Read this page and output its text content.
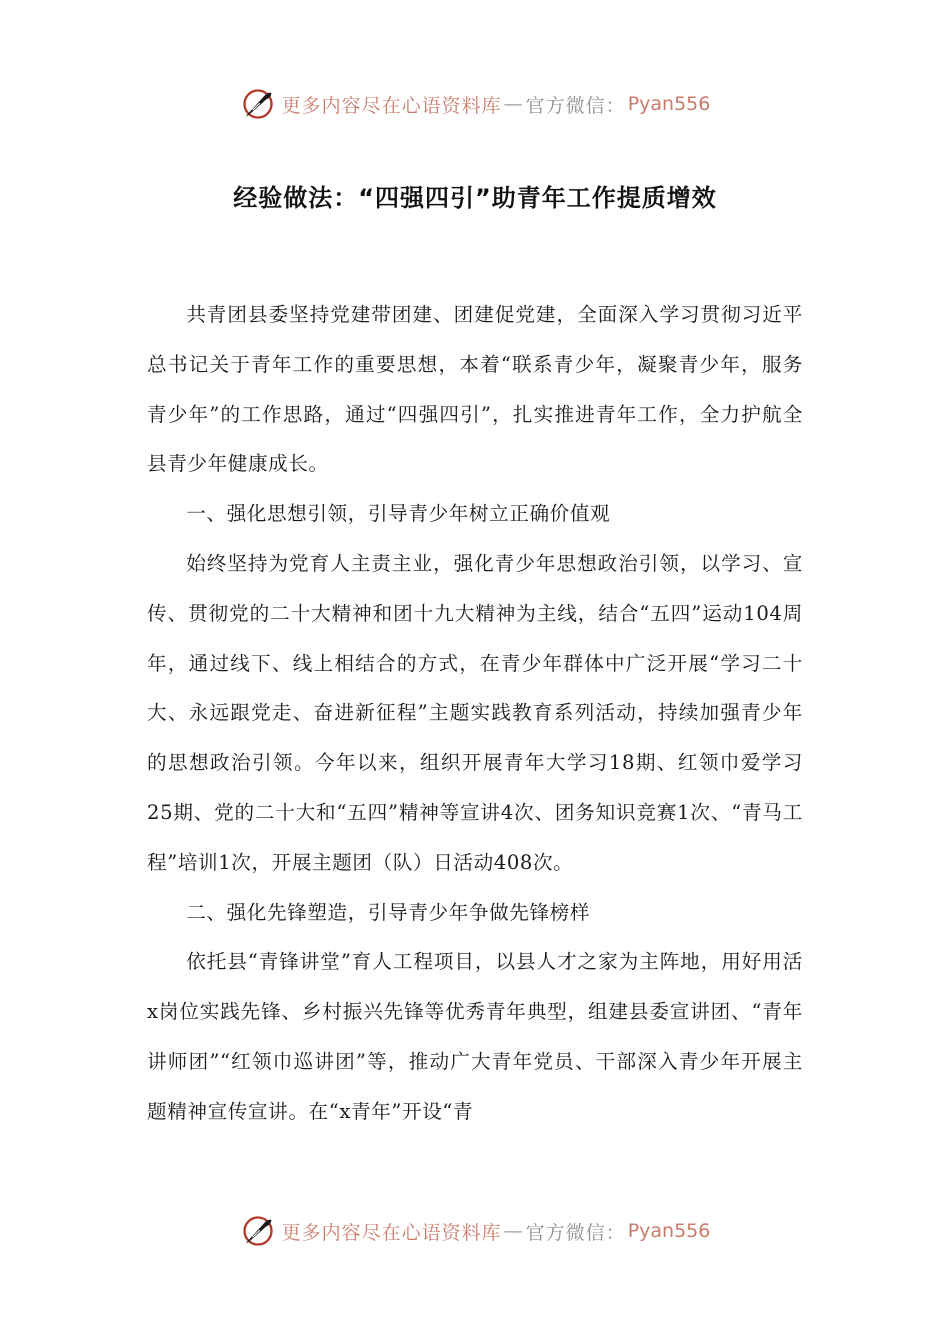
更多内容尽在心语资料库 — 官方微信： Pyan556
经验做法：“四强四引”助青年工作提质增效

共青团县委坚持党建带团建、团建促党建，全面深入学习贯彻习近平总书记关于青年工作的重要思想，本着“联系青少年，凝聚青少年，服务青少年”的工作思路，通过“四强四引”，扎实推进青年工作，全力护航全县青少年健康成长。

一、强化思想引领，引导青少年树立正确价值观

始终坚持为党育人主责主业，强化青少年思想政治引领，以学习、宣传、贯彻党的二十大精神和团十九大精神为主线，结合“五四”运动104周年，通过线下、线上相结合的方式，在青少年群体中广泛开展“学习二十大、永远跟党走、奋进新征程”主题实践教育系列活动，持续加强青少年的思想政治引领。今年以来，组织开展青年大学习18期、红领巾爱学习25期、党的二十大和“五四”精神等宣讲4次、团务知识竞赛1次、“青马工程”培训1次，开展主题团（队）日活动408次。

二、强化先锋塑造，引导青少年争做先锋榜样

依托县“青锋讲堂”育人工程项目，以县人才之家为主阵地，用好用活x岗位实践先锋、乡村振兴先锋等优秀青年典型，组建县委宣讲团、“青年讲师团”“红领巾巡讲团”等，推动广大青年党员、干部深入青少年开展主题精神宣传宣讲。在“x青年”开设“青

更多内容尽在心语资料库 — 官方微信： Pyan556
